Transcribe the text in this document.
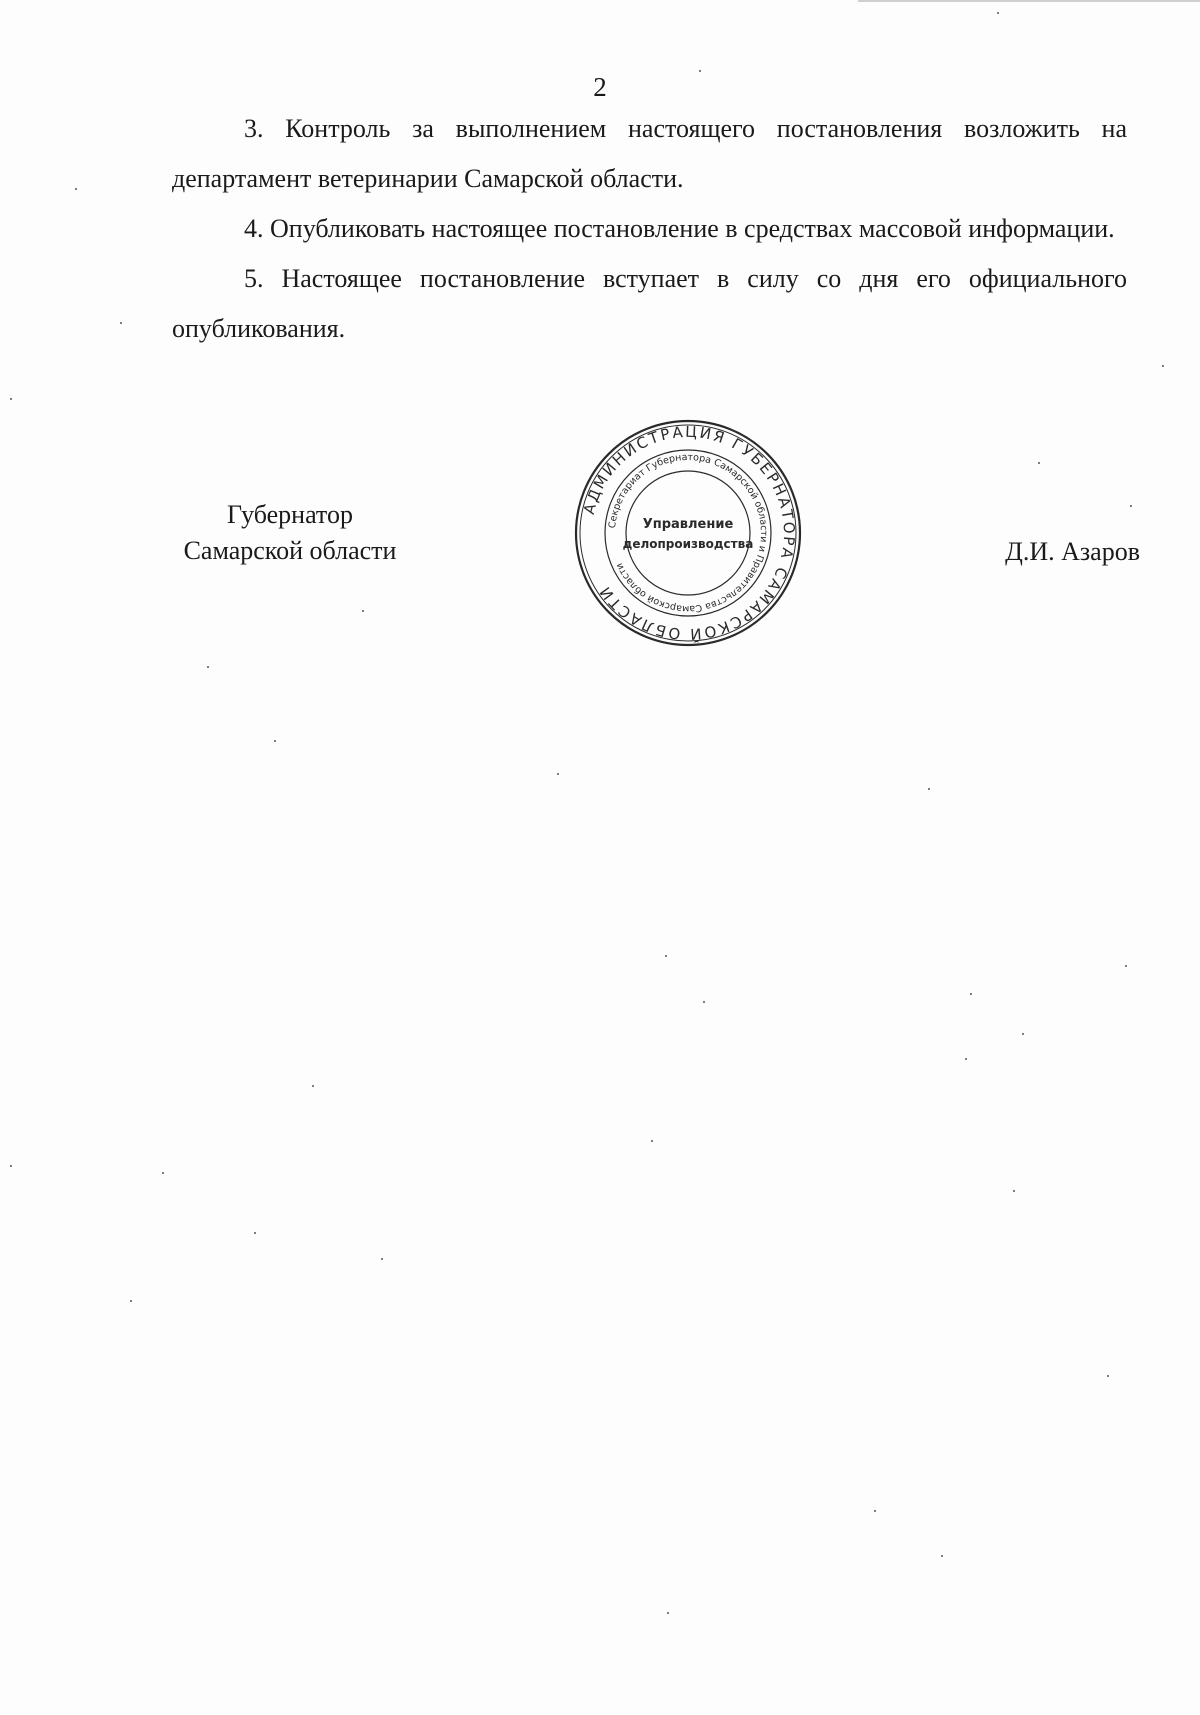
2

3. Контроль за выполнением настоящего постановления возложить на департамент ветеринарии Самарской области.

4. Опубликовать настоящее постановление в средствах массовой информации.

5. Настоящее постановление вступает в силу со дня его официального опубликования.

Губернатор
Самарской области
АДМИНИСТРАЦИЯ ГУБЕРНАТОРА САМАРСКОЙ ОБЛАСТИ
Секретариат Губернатора Самарской области и Правительства Самарской области
Управление
делопроизводства	Д.И. Азаров
